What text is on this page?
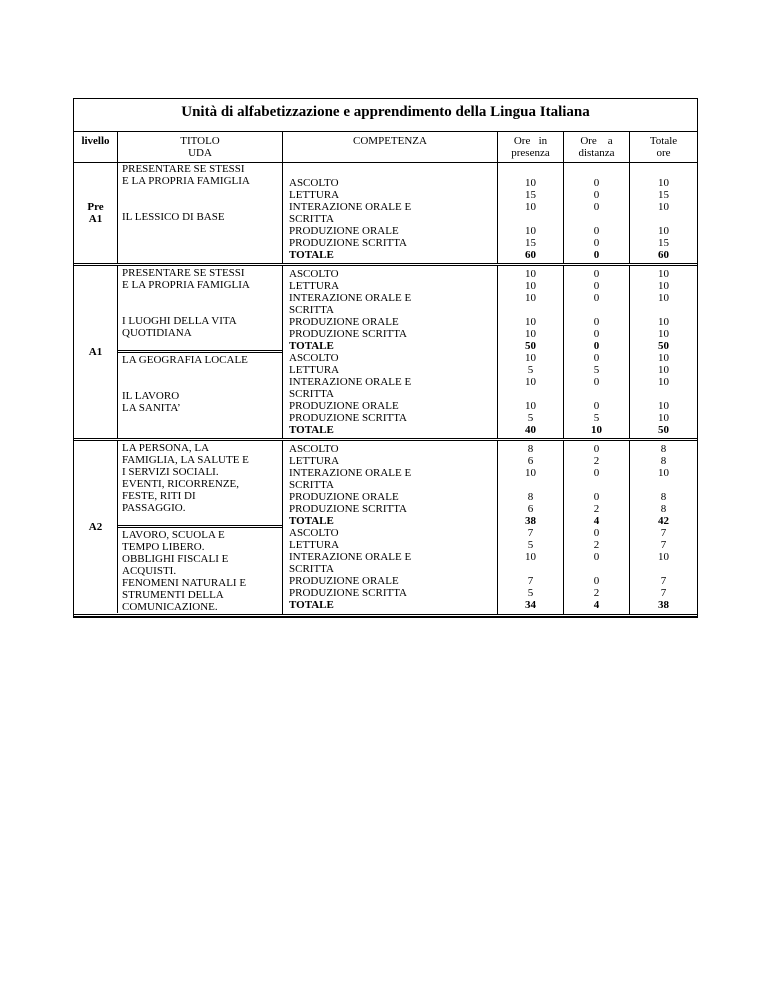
Unità di alfabetizzazione e apprendimento della Lingua Italiana
livello	TITOLO
UDA
COMPETENZA	Ore   in
presenza
Ore    a
distanza
Totale
ore
Pre
A1
PRESENTARE SE STESSI
E LA PROPRIA FAMIGLIA

IL LESSICO DI BASE
ASCOLTO
LETTURA
INTERAZIONE ORALE E
SCRITTA
PRODUZIONE ORALE
PRODUZIONE SCRITTA
TOTALE
10
15
10
10
15
60
0
0
0
0
0
0
10
15
10
10
15
60
A1
PRESENTARE SE STESSI
E LA PROPRIA FAMIGLIA

I LUOGHI DELLA VITA
QUOTIDIANA
LA GEOGRAFIA LOCALE

IL LAVORO
LA SANITA’
ASCOLTO
LETTURA
INTERAZIONE ORALE E
SCRITTA
PRODUZIONE ORALE
PRODUZIONE SCRITTA
TOTALE
ASCOLTO
LETTURA
INTERAZIONE ORALE E
SCRITTA
PRODUZIONE ORALE
PRODUZIONE SCRITTA
TOTALE
10
10
10
10
10
50
10
5
10
10
5
40
0
0
0
0
0
0
0
5
0
0
5
10
10
10
10
10
10
50
10
10
10
10
10
50
A2
LA PERSONA, LA
FAMIGLIA, LA SALUTE E
I SERVIZI SOCIALI.
EVENTI, RICORRENZE,
FESTE, RITI DI
PASSAGGIO.
LAVORO, SCUOLA E
TEMPO LIBERO.
OBBLIGHI FISCALI E
ACQUISTI.
FENOMENI NATURALI E
STRUMENTI DELLA
COMUNICAZIONE.
ASCOLTO
LETTURA
INTERAZIONE ORALE E
SCRITTA
PRODUZIONE ORALE
PRODUZIONE SCRITTA
TOTALE
ASCOLTO
LETTURA
INTERAZIONE ORALE E
SCRITTA
PRODUZIONE ORALE
PRODUZIONE SCRITTA
TOTALE
8
6
10
8
6
38
7
5
10
7
5
34
0
2
0
0
2
4
0
2
0
0
2
4
8
8
10
8
8
42
7
7
10
7
7
38
